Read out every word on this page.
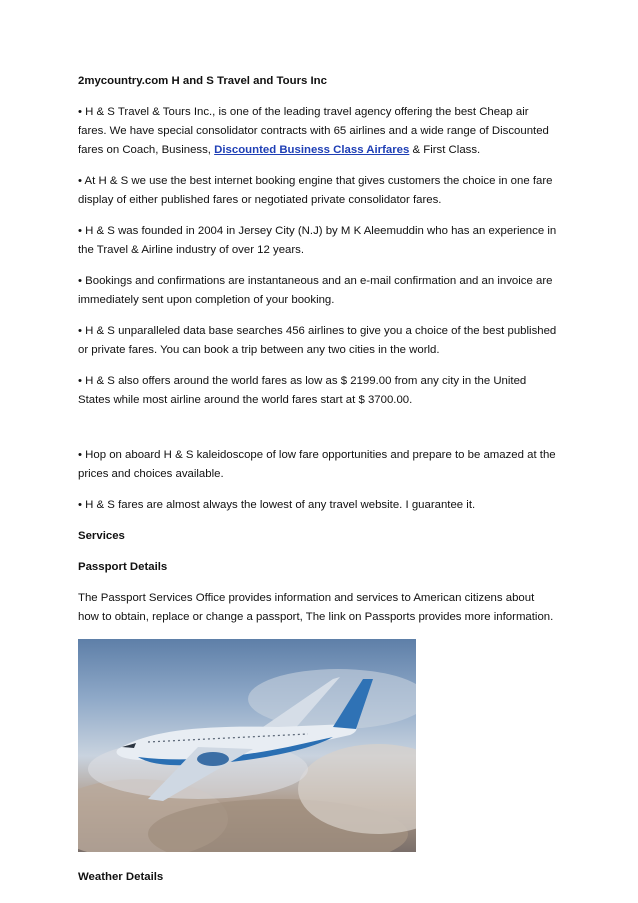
2mycountry.com H and S Travel and Tours Inc

• H & S Travel & Tours Inc., is one of the leading travel agency offering the best Cheap air fares. We have special consolidator contracts with 65 airlines and a wide range of Discounted fares on Coach, Business, Discounted Business Class Airfares & First Class.

• At H & S we use the best internet booking engine that gives customers the choice in one fare display of either published fares or negotiated private consolidator fares.

• H & S was founded in 2004 in Jersey City (N.J) by M K Aleemuddin who has an experience in the Travel & Airline industry of over 12 years.

• Bookings and confirmations are instantaneous and an e-mail confirmation and an invoice are immediately sent upon completion of your booking.

• H & S unparalleled data base searches 456 airlines to give you a choice of the best published or private fares. You can book a trip between any two cities in the world.

• H & S also offers around the world fares as low as $ 2199.00 from any city in the United States while most airline around the world fares start at $ 3700.00.

• Hop on aboard H & S kaleidoscope of low fare opportunities and prepare to be amazed at the prices and choices available.

• H & S fares are almost always the lowest of any travel website. I guarantee it.

Services

Passport Details

The Passport Services Office provides information and services to American citizens about how to obtain, replace or change a passport, The link on Passports provides more information.

Weather Details
